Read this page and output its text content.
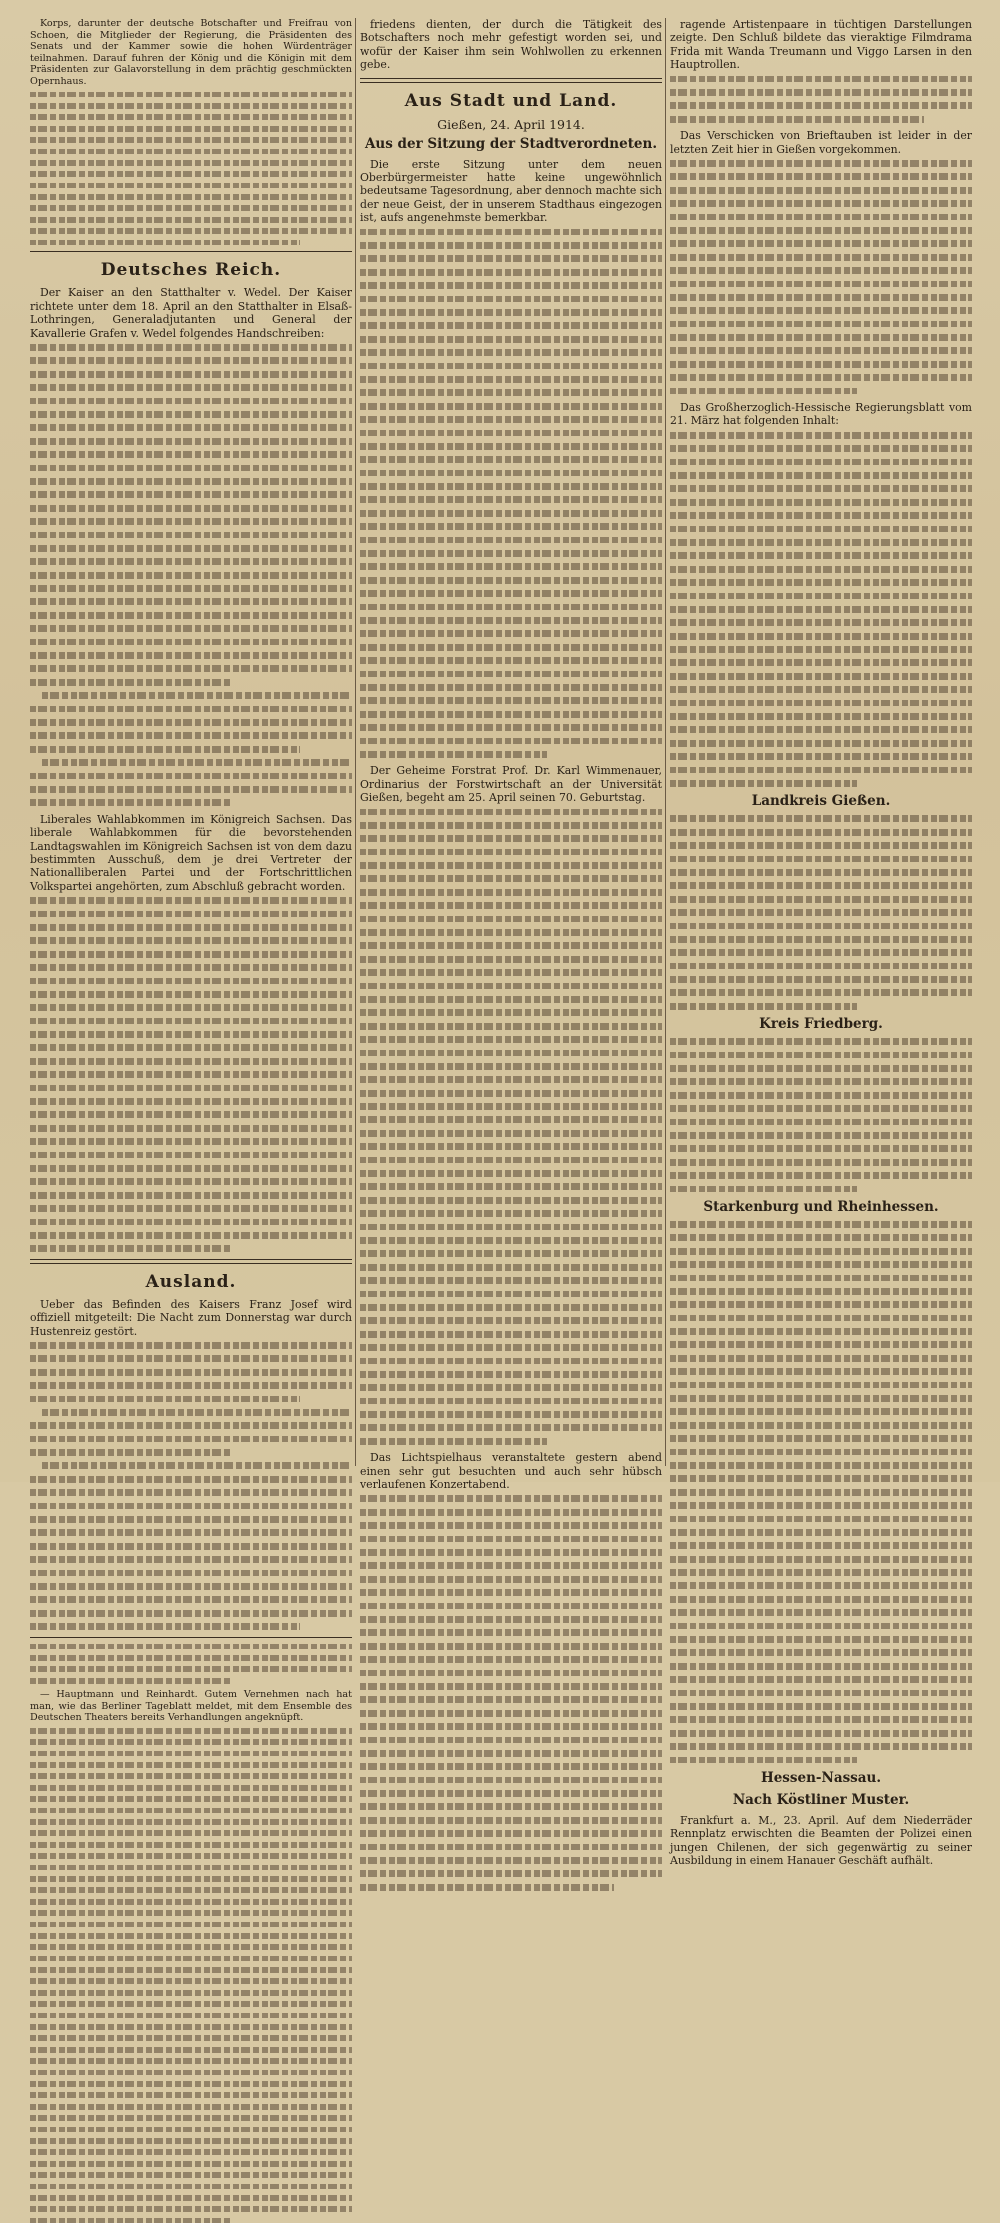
Korps, darunter der deutsche Botschafter und Freifrau von Schoen, die Mitglieder der Regierung, die Präsidenten des Senats und der Kammer sowie die hohen Würdenträger teilnahmen. Darauf fuhren der König und die Königin mit dem Präsidenten zur Galavorstellung in dem prächtig geschmückten Opernhaus.

Deutsches Reich.

Der Kaiser an den Statthalter v. Wedel. Der Kaiser richtete unter dem 18. April an den Statthalter in Elsaß-Lothringen, Generaladjutanten und General der Kavallerie Grafen v. Wedel folgendes Handschreiben:

Liberales Wahlabkommen im Königreich Sachsen. Das liberale Wahlabkommen für die bevorstehenden Landtagswahlen im Königreich Sachsen ist von dem dazu bestimmten Ausschuß, dem je drei Vertreter der Nationalliberalen Partei und der Fortschrittlichen Volkspartei angehörten, zum Abschluß gebracht worden.

Ausland.

Ueber das Befinden des Kaisers Franz Josef wird offiziell mitgeteilt: Die Nacht zum Donnerstag war durch Hustenreiz gestört.

— Hauptmann und Reinhardt. Gutem Vernehmen nach hat man, wie das Berliner Tageblatt meldet, mit dem Ensemble des Deutschen Theaters bereits Verhandlungen angeknüpft.

friedens dienten, der durch die Tätigkeit des Botschafters noch mehr gefestigt worden sei, und wofür der Kaiser ihm sein Wohlwollen zu erkennen gebe.

Aus Stadt und Land.
Gießen, 24. April 1914.
Aus der Sitzung der Stadtverordneten.

Die erste Sitzung unter dem neuen Oberbürgermeister hatte keine ungewöhnlich bedeutsame Tagesordnung, aber dennoch machte sich der neue Geist, der in unserem Stadthaus eingezogen ist, aufs angenehmste bemerkbar.

Der Geheime Forstrat Prof. Dr. Karl Wimmenauer, Ordinarius der Forstwirtschaft an der Universität Gießen, begeht am 25. April seinen 70. Geburtstag.

Das Lichtspielhaus veranstaltete gestern abend einen sehr gut besuchten und auch sehr hübsch verlaufenen Konzertabend.

ragende Artistenpaare in tüchtigen Darstellungen zeigte. Den Schluß bildete das vieraktige Filmdrama Frida mit Wanda Treumann und Viggo Larsen in den Hauptrollen.

Das Verschicken von Brieftauben ist leider in der letzten Zeit hier in Gießen vorgekommen.

Das Großherzoglich-Hessische Regierungsblatt vom 21. März hat folgenden Inhalt:

Landkreis Gießen.
Kreis Friedberg.
Starkenburg und Rheinhessen.
Hessen-Nassau.
Nach Köstliner Muster.

Frankfurt a. M., 23. April. Auf dem Niederräder Rennplatz erwischten die Beamten der Polizei einen jungen Chilenen, der sich gegenwärtig zu seiner Ausbildung in einem Hanauer Geschäft aufhält.
